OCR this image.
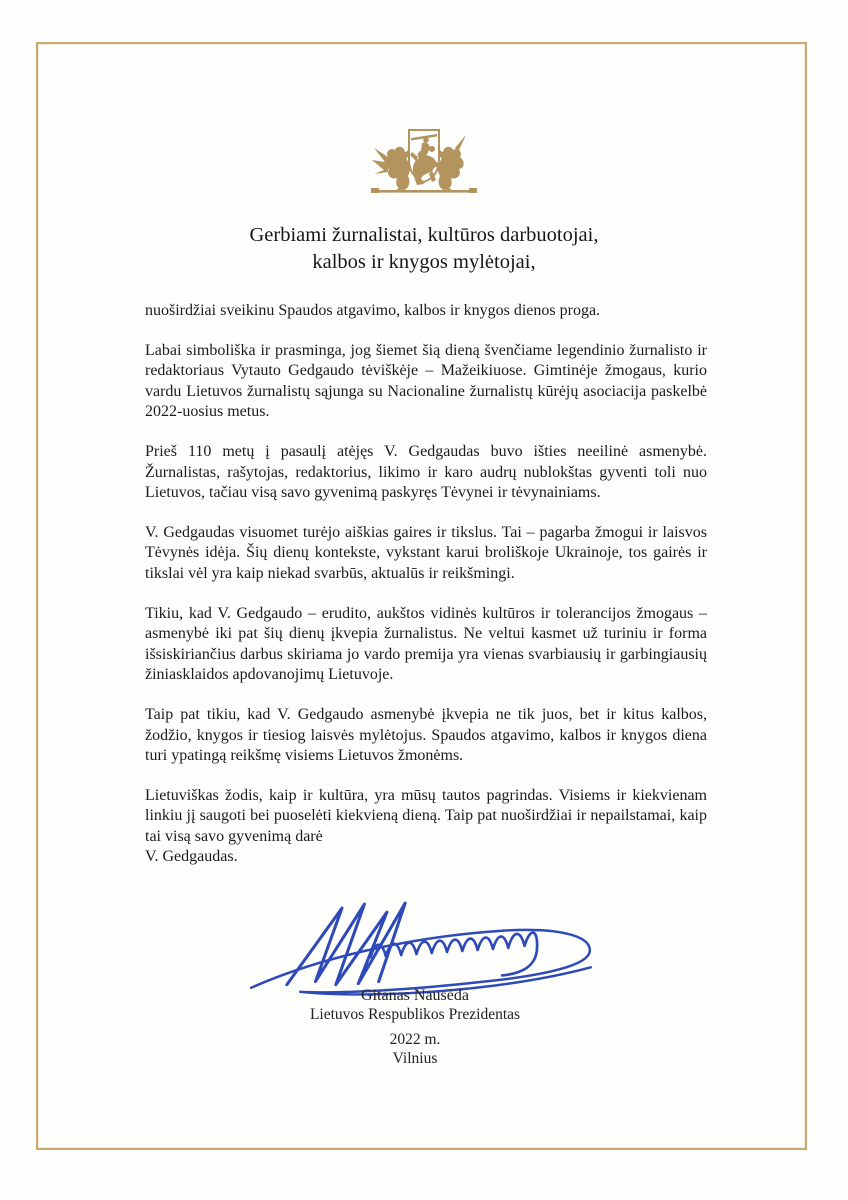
Gerbiami žurnalistai, kultūros darbuotojai,
kalbos ir knygos mylėtojai,

nuoširdžiai sveikinu Spaudos atgavimo, kalbos ir knygos dienos proga.

Labai simboliška ir prasminga, jog šiemet šią dieną švenčiame legendinio žurnalisto ir redaktoriaus Vytauto Gedgaudo tėviškėje – Mažeikiuose. Gimtinėje žmogaus, kurio vardu Lietuvos žurnalistų sąjunga su Nacionaline žurnalistų kūrėjų asociacija paskelbė 2022-uosius metus.

Prieš 110 metų į pasaulį atėjęs V. Gedgaudas buvo išties neeilinė asmenybė. Žurnalistas, rašytojas, redaktorius, likimo ir karo audrų nublokštas gyventi toli nuo Lietuvos, tačiau visą savo gyvenimą paskyręs Tėvynei ir tėvynainiams.

V. Gedgaudas visuomet turėjo aiškias gaires ir tikslus. Tai – pagarba žmogui ir laisvos Tėvynės idėja. Šių dienų kontekste, vykstant karui broliškoje Ukrainoje, tos gairės ir tikslai vėl yra kaip niekad svarbūs, aktualūs ir reikšmingi.

Tikiu, kad V. Gedgaudo – erudito, aukštos vidinės kultūros ir tolerancijos žmogaus – asmenybė iki pat šių dienų įkvepia žurnalistus. Ne veltui kasmet už turiniu ir forma išsiskiriančius darbus skiriama jo vardo premija yra vienas svarbiausių ir garbingiausių žiniasklaidos apdovanojimų Lietuvoje.

Taip pat tikiu, kad V. Gedgaudo asmenybė įkvepia ne tik juos, bet ir kitus kalbos, žodžio, knygos ir tiesiog laisvės mylėtojus. Spaudos atgavimo, kalbos ir knygos diena turi ypatingą reikšmę visiems Lietuvos žmonėms.

Lietuviškas žodis, kaip ir kultūra, yra mūsų tautos pagrindas. Visiems ir kiekvienam linkiu jį saugoti bei puoselėti kiekvieną dieną. Taip pat nuoširdžiai ir nepailstamai, kaip tai visą savo gyvenimą darė
V. Gedgaudas.

Gitanas Nausėda
Lietuvos Respublikos Prezidentas
2022 m.
Vilnius
